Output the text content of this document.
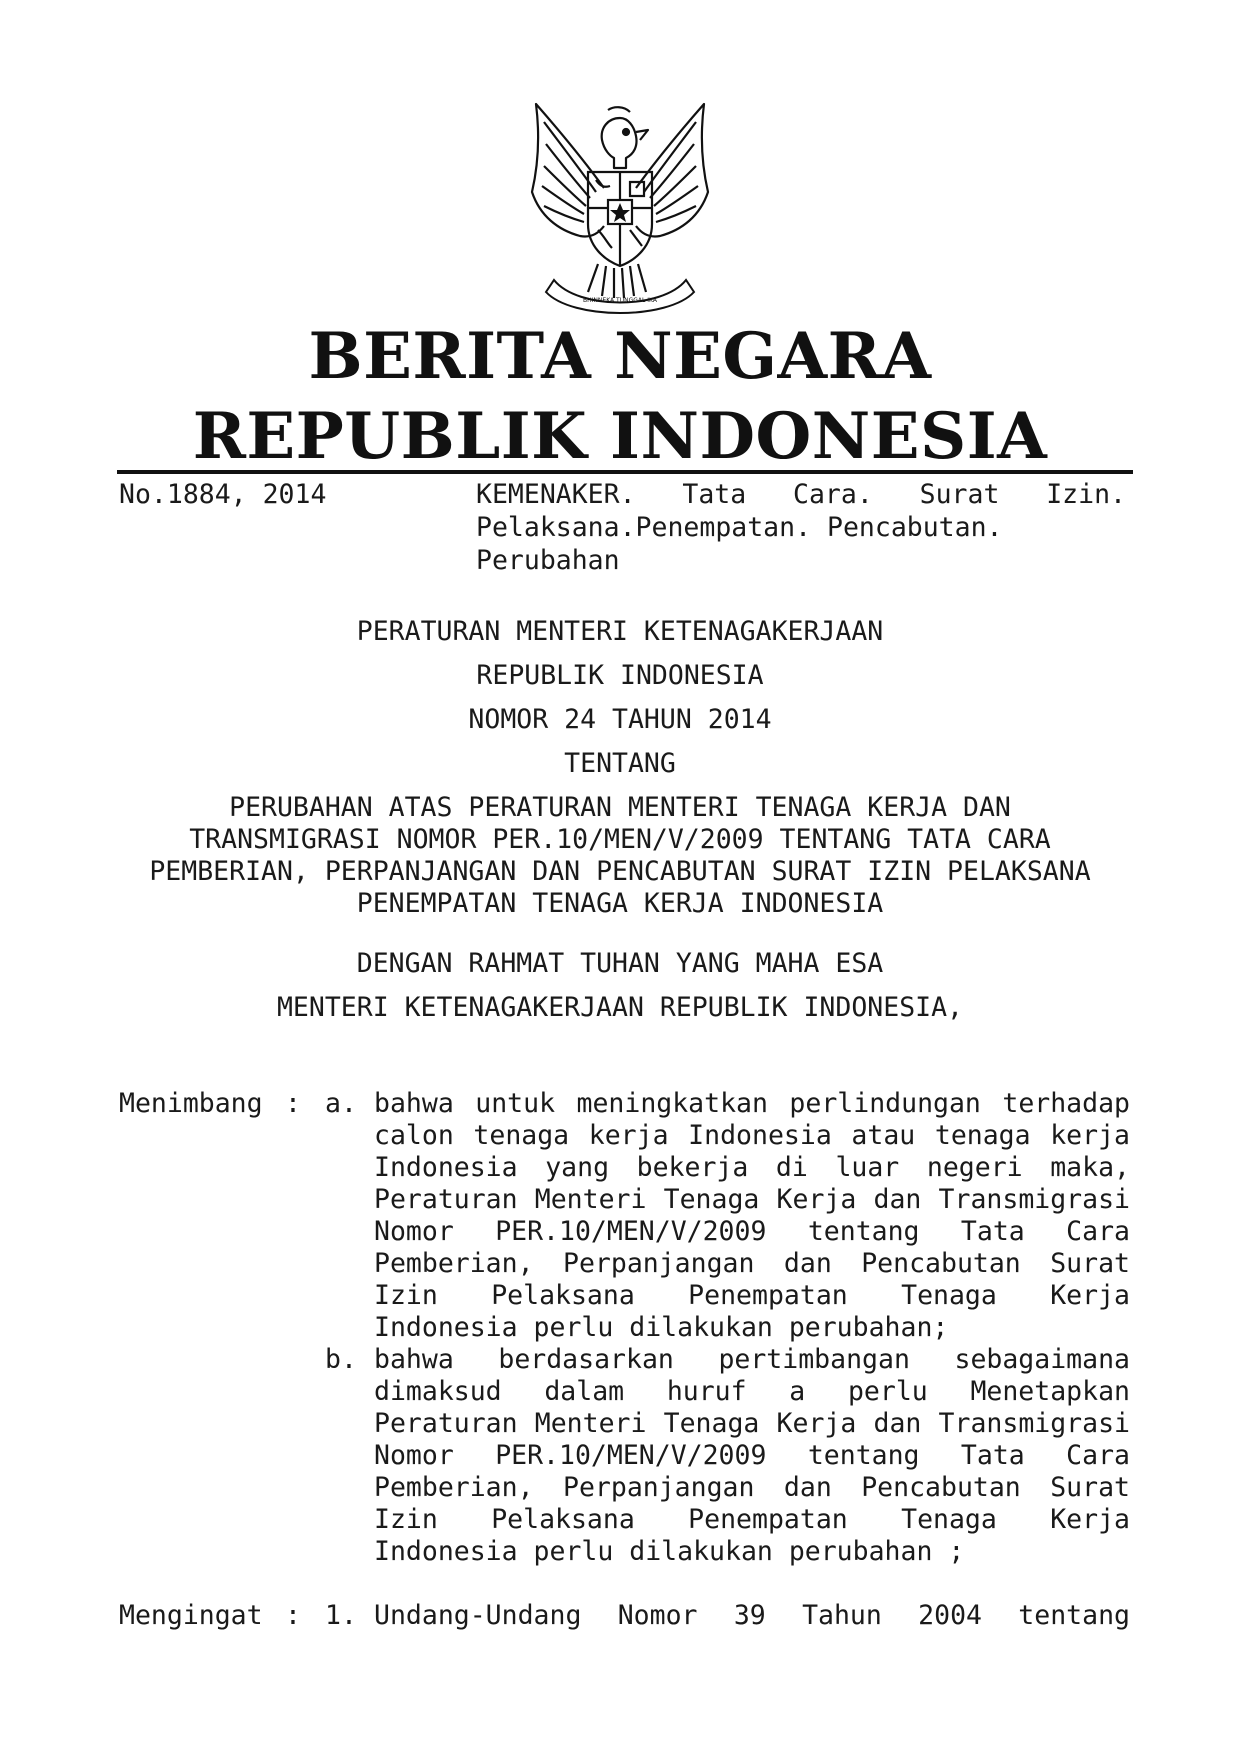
BHINNEKA TUNGGAL IKA
BERITA NEGARA
REPUBLIK INDONESIA
No.1884, 2014	KEMENAKER. Tata Cara. Surat Izin.
Pelaksana.Penempatan. Pencabutan. Perubahan
PERATURAN MENTERI KETENAGAKERJAAN
REPUBLIK INDONESIA
NOMOR 24 TAHUN 2014
TENTANG
PERUBAHAN ATAS PERATURAN MENTERI TENAGA KERJA DAN
TRANSMIGRASI NOMOR PER.10/MEN/V/2009 TENTANG TATA CARA
PEMBERIAN, PERPANJANGAN DAN PENCABUTAN SURAT IZIN PELAKSANA
PENEMPATAN TENAGA KERJA INDONESIA
DENGAN RAHMAT TUHAN YANG MAHA ESA
MENTERI KETENAGAKERJAAN REPUBLIK INDONESIA,
Menimbang : a. bahwa untuk meningkatkan perlindungan terhadap calon tenaga kerja Indonesia atau tenaga kerja Indonesia yang bekerja di luar negeri maka, Peraturan Menteri Tenaga Kerja dan Transmigrasi Nomor PER.10/MEN/V/2009 tentang Tata Cara Pemberian, Perpanjangan dan Pencabutan Surat Izin Pelaksana Penempatan Tenaga Kerja Indonesia perlu dilakukan perubahan;
b. bahwa berdasarkan pertimbangan sebagaimana dimaksud dalam huruf a perlu Menetapkan Peraturan Menteri Tenaga Kerja dan Transmigrasi Nomor PER.10/MEN/V/2009 tentang Tata Cara Pemberian, Perpanjangan dan Pencabutan Surat Izin Pelaksana Penempatan Tenaga Kerja Indonesia perlu dilakukan perubahan ;
Mengingat : 1. Undang-Undang Nomor 39 Tahun 2004 tentang
